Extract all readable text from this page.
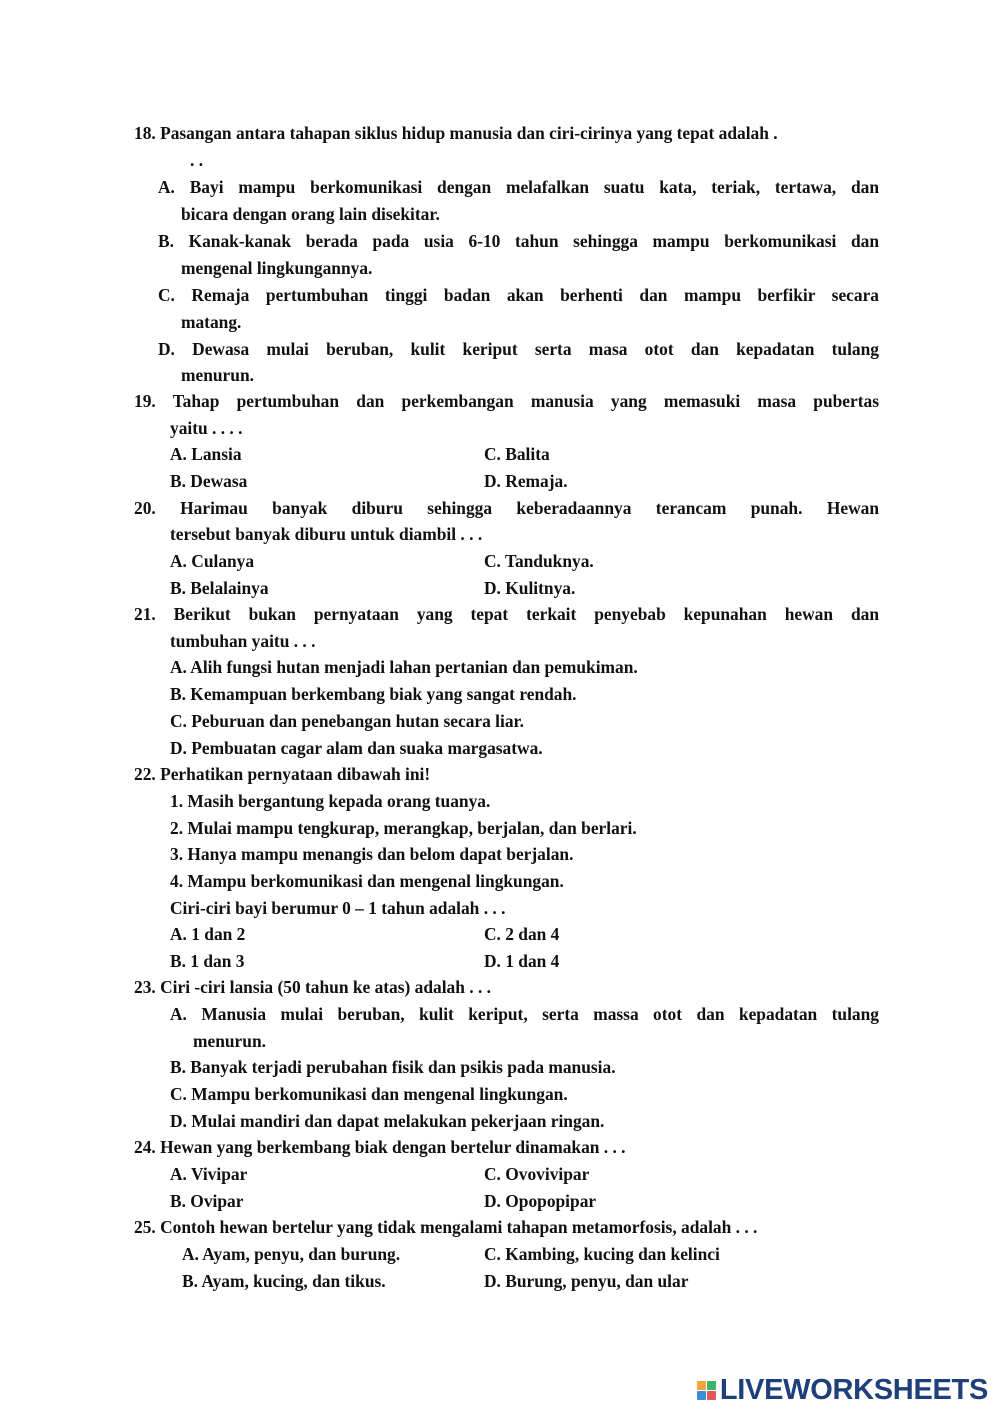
18. Pasangan antara tahapan siklus hidup manusia dan ciri-cirinya yang tepat adalah .
. .
A. Bayi mampu berkomunikasi dengan melafalkan suatu kata, teriak, tertawa, dan
bicara dengan orang lain disekitar.
B. Kanak-kanak berada pada usia 6-10 tahun sehingga mampu berkomunikasi dan
mengenal lingkungannya.
C. Remaja pertumbuhan tinggi badan akan berhenti dan mampu berfikir secara
matang.
D. Dewasa mulai beruban, kulit keriput serta masa otot dan kepadatan tulang
menurun.
19. Tahap pertumbuhan dan perkembangan manusia yang memasuki masa pubertas
yaitu . . . .
A. Lansia	C. Balita
B. Dewasa	D. Remaja.
20. Harimau banyak diburu sehingga keberadaannya terancam punah. Hewan
tersebut banyak diburu untuk diambil . . .
A. Culanya	C. Tanduknya.
B. Belalainya	D. Kulitnya.
21. Berikut bukan pernyataan yang tepat terkait penyebab kepunahan hewan dan
tumbuhan yaitu . . .
A. Alih fungsi hutan menjadi lahan pertanian dan pemukiman.
B. Kemampuan berkembang biak yang sangat rendah.
C. Peburuan dan penebangan hutan secara liar.
D. Pembuatan cagar alam dan suaka margasatwa.
22. Perhatikan pernyataan dibawah ini!
1. Masih bergantung kepada orang tuanya.
2. Mulai mampu tengkurap, merangkap, berjalan, dan berlari.
3. Hanya mampu menangis dan belom dapat berjalan.
4. Mampu berkomunikasi dan mengenal lingkungan.
Ciri-ciri bayi berumur 0 – 1 tahun adalah . . .
A. 1 dan 2	C. 2 dan 4
B. 1 dan 3	D. 1 dan 4
23. Ciri -ciri lansia (50 tahun ke atas) adalah . . .
A. Manusia mulai beruban, kulit keriput, serta massa otot dan kepadatan tulang
menurun.
B. Banyak terjadi perubahan fisik dan psikis pada manusia.
C. Mampu berkomunikasi dan mengenal lingkungan.
D. Mulai mandiri dan dapat melakukan pekerjaan ringan.
24. Hewan yang berkembang biak dengan bertelur dinamakan . . .
A. Vivipar	C. Ovovivipar
B. Ovipar	D. Opopopipar
25. Contoh hewan bertelur yang tidak mengalami tahapan metamorfosis, adalah . . .
A. Ayam, penyu, dan burung.	C. Kambing, kucing dan kelinci
B. Ayam, kucing, dan tikus.	D. Burung, penyu, dan ular
LIVEWORKSHEETS
